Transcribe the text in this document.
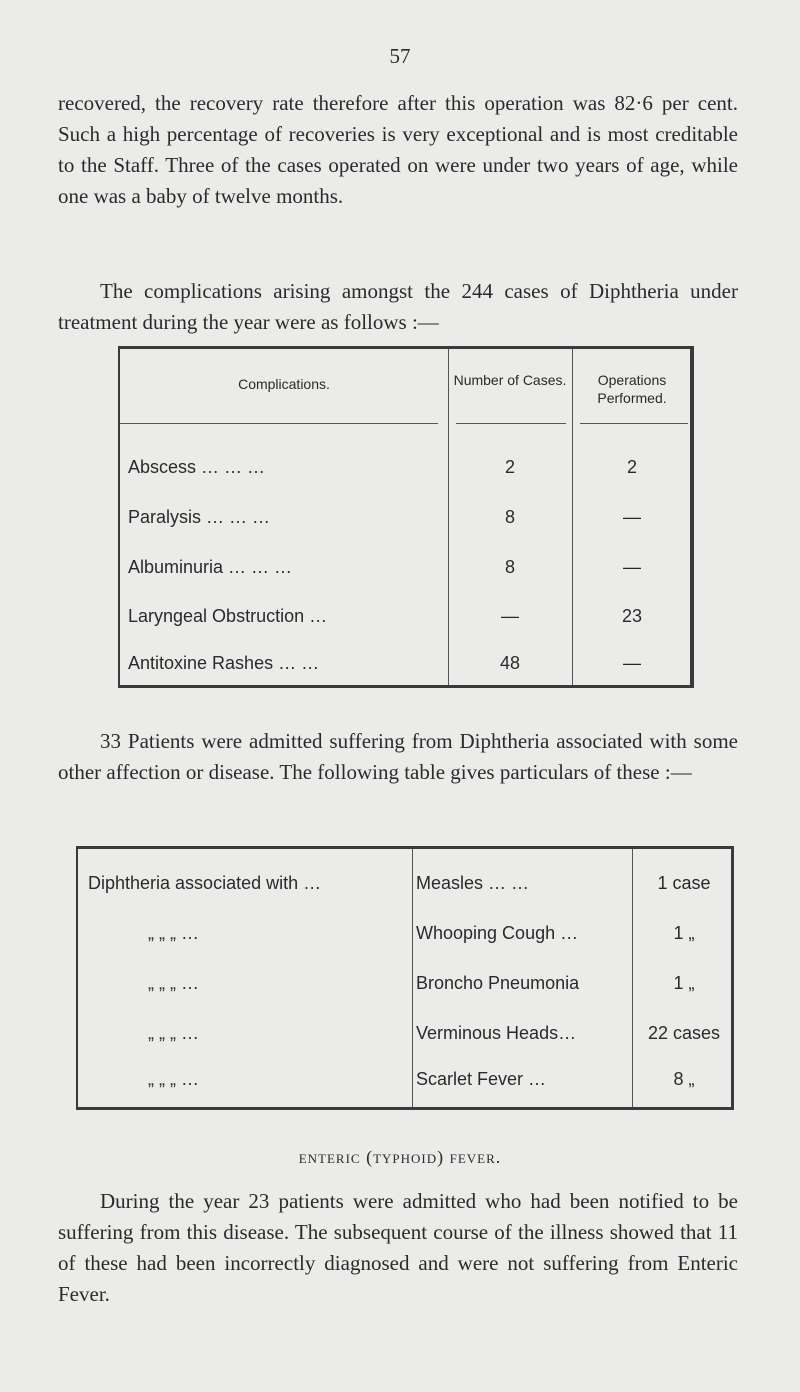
57

recovered, the recovery rate therefore after this operation was 82·6 per cent. Such a high percentage of recoveries is very exceptional and is most creditable to the Staff. Three of the cases operated on were under two years of age, while one was a baby of twelve months.

The complications arising amongst the 244 cases of Diphtheria under treatment during the year were as follows :—

Complications.	Number of Cases.	Operations Performed.
Abscess … … …	2	2
Paralysis … … …	8	—
Albuminuria … … …	8	—
Laryngeal Obstruction …	—	23
Antitoxine Rashes … …	48	—

33 Patients were admitted suffering from Diphtheria associated with some other affection or disease. The following table gives particulars of these :—

Diphtheria associated with …	Measles … …	1 case
„ „ „ …	Whooping Cough …	1 „
„ „ „ …	Broncho Pneumonia	1 „
„ „ „ …	Verminous Heads…	22 cases
„ „ „ …	Scarlet Fever …	8 „
enteric (typhoid) fever.

During the year 23 patients were admitted who had been notified to be suffering from this disease. The subsequent course of the illness showed that 11 of these had been incorrectly diagnosed and were not suffering from Enteric Fever.
